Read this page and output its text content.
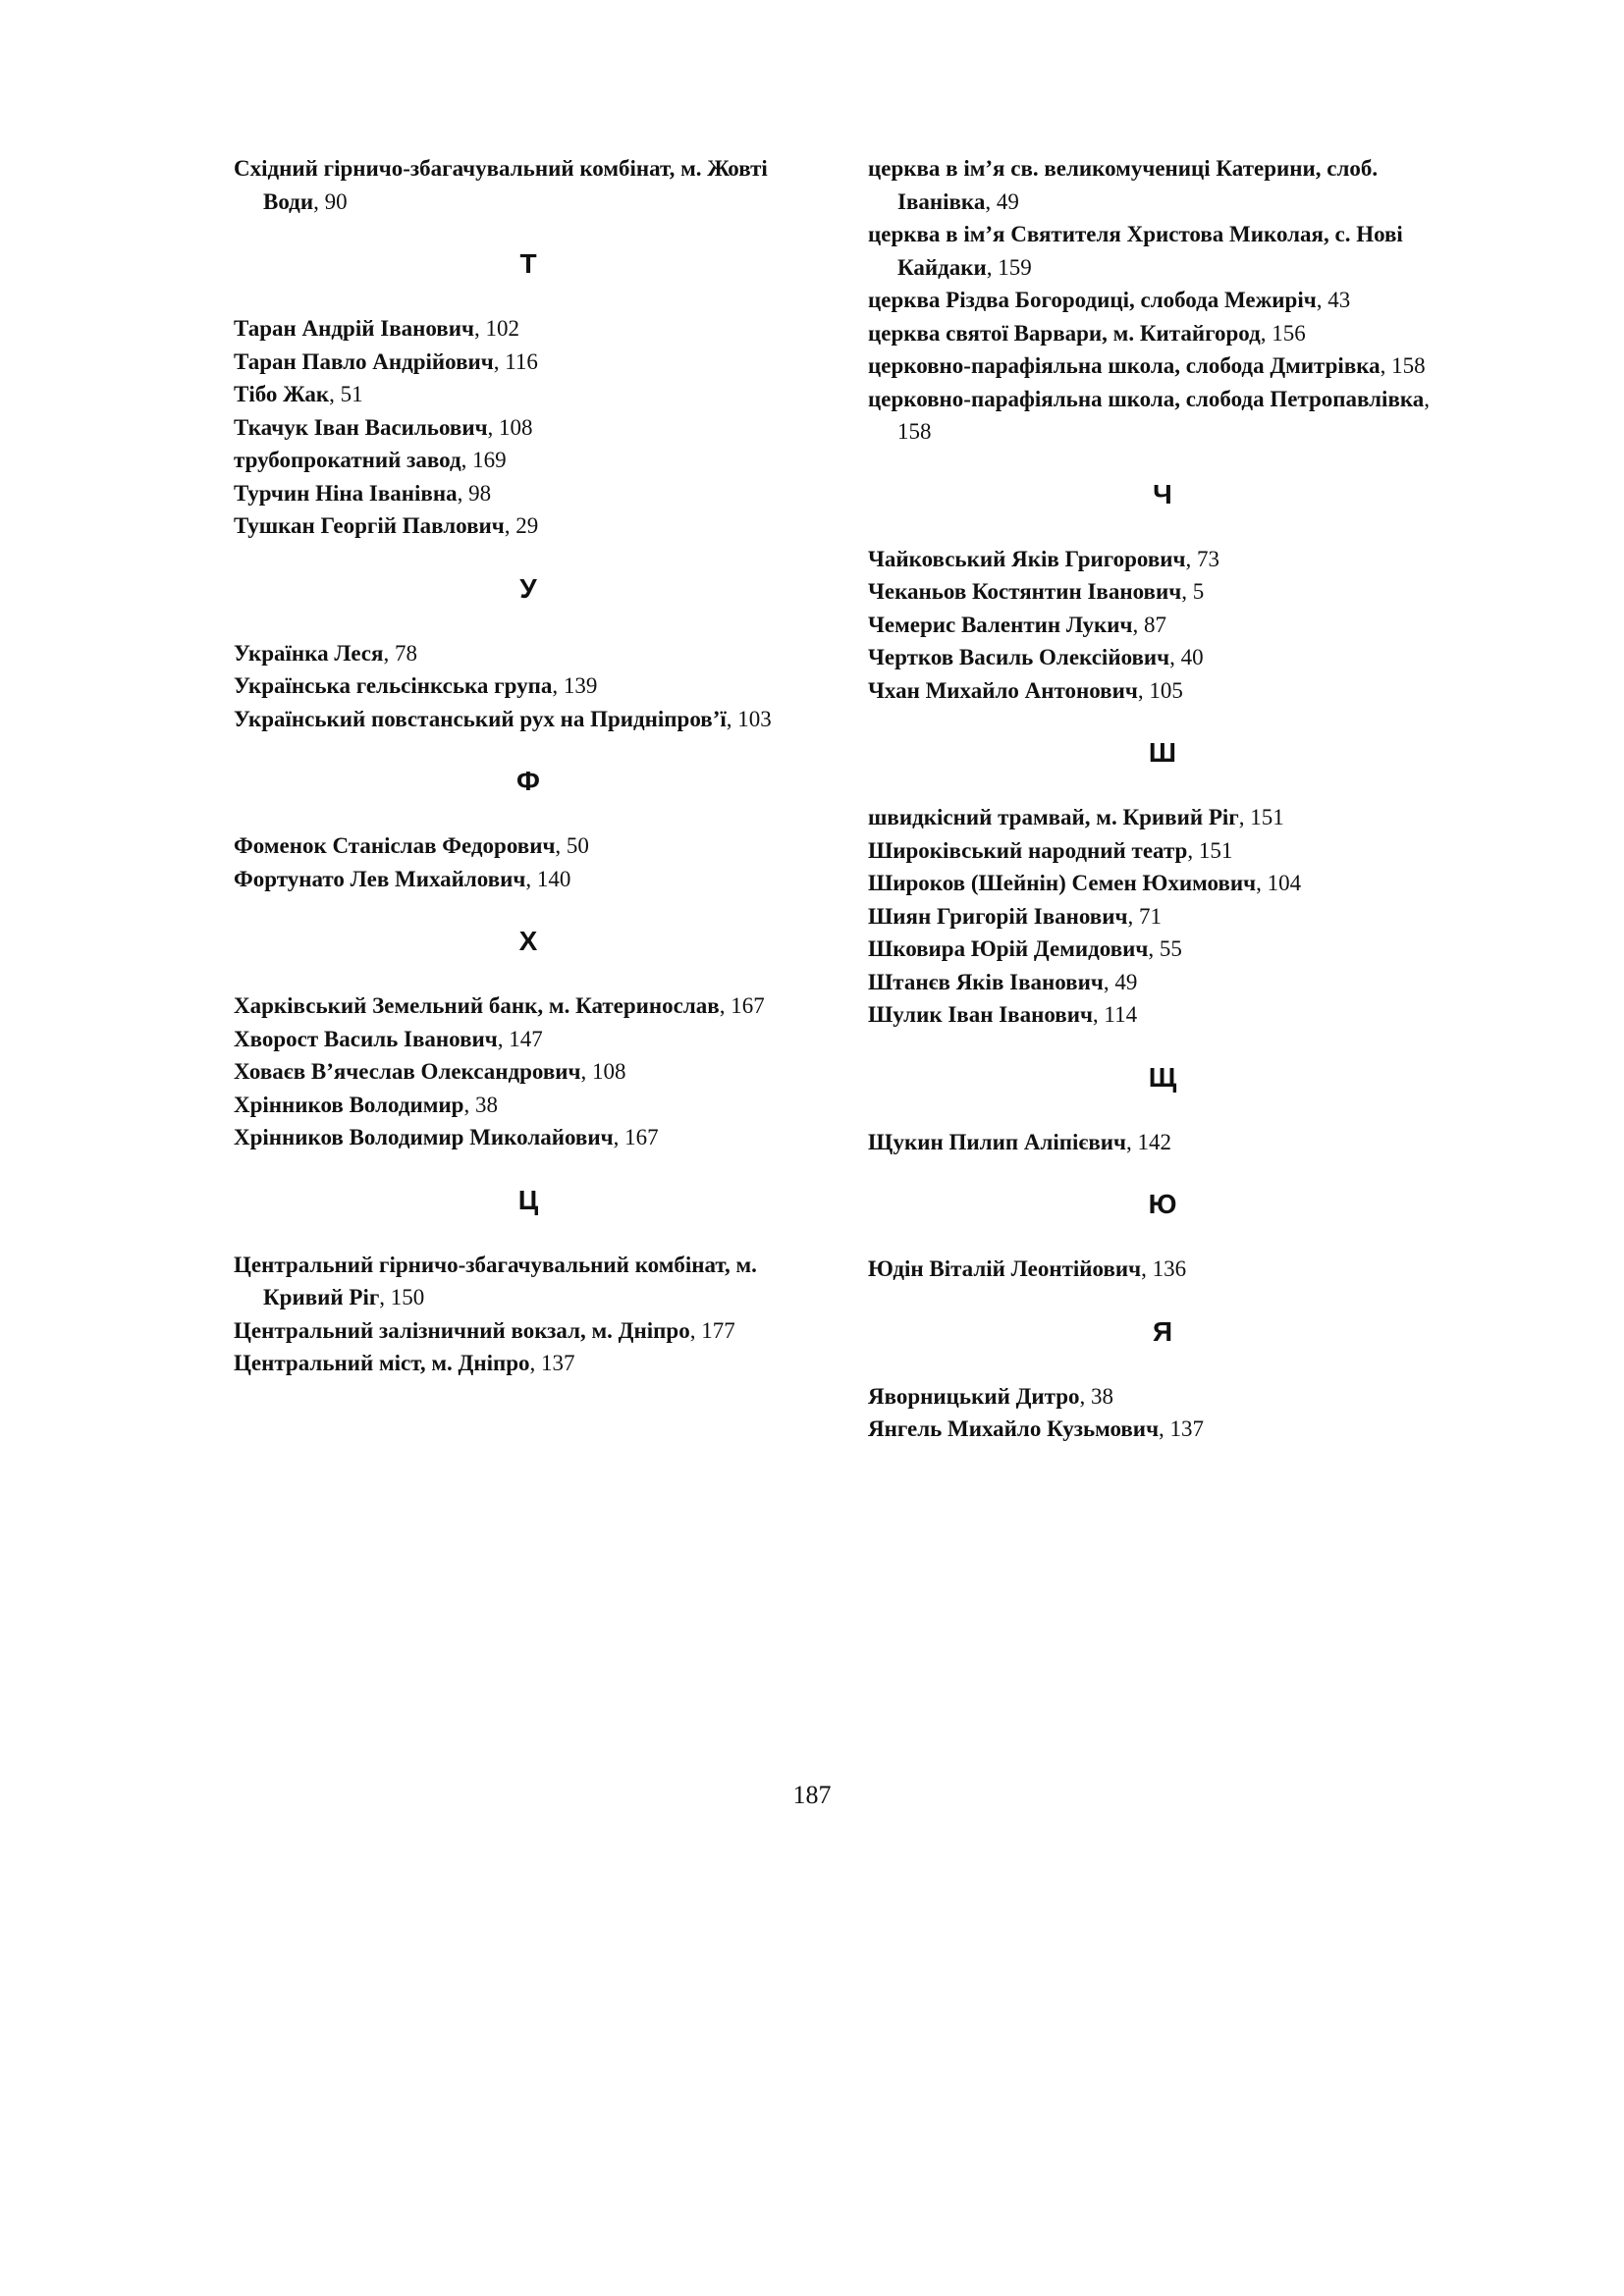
Східний гірничо-збагачувальний комбінат, м. Жовті Води, 90

Т

Таран Андрій Іванович, 102

Таран Павло Андрійович, 116

Тібо Жак, 51

Ткачук Іван Васильович, 108

трубопрокатний завод, 169

Турчин Ніна Іванівна, 98

Тушкан Георгій Павлович, 29

У

Українка Леся, 78

Українська гельсінкська група, 139

Український повстанський рух на Придніпров’ї, 103

Ф

Фоменок Станіслав Федорович, 50

Фортунато Лев Михайлович, 140

Х

Харківський Земельний банк, м. Катеринослав, 167

Хворост Василь Іванович, 147

Ховаєв В’ячеслав Олександрович, 108

Хрінников Володимир, 38

Хрінников Володимир Миколайович, 167

Ц

Центральний гірничо-збагачувальний комбінат, м. Кривий Ріг, 150

Центральний залізничний вокзал, м. Дніпро, 177

Центральний міст, м. Дніпро, 137

церква в ім’я св. великомучениці Катерини, слоб. Іванівка, 49

церква в ім’я Святителя Христова Миколая, с. Нові Кайдаки, 159

церква Різдва Богородиці, слобода Межиріч, 43

церква святої Варвари, м. Китайгород, 156

церковно-парафіяльна школа, слобода Дмитрівка, 158

церковно-парафіяльна школа, слобода Петропавлівка, 158

Ч

Чайковський Яків Григорович, 73

Чеканьов Костянтин Іванович, 5

Чемерис Валентин Лукич, 87

Чертков Василь Олексійович, 40

Чхан Михайло Антонович, 105

Ш

швидкісний трамвай, м. Кривий Ріг, 151

Широківський народний театр, 151

Широков (Шейнін) Семен Юхимович, 104

Шиян Григорій Іванович, 71

Шковира Юрій Демидович, 55

Штанєв Яків Іванович, 49

Шулик Іван Іванович, 114

Щ

Щукин Пилип Аліпієвич, 142

Ю

Юдін Віталій Леонтійович, 136

Я

Яворницький Дитро, 38

Янгель Михайло Кузьмович, 137

187
